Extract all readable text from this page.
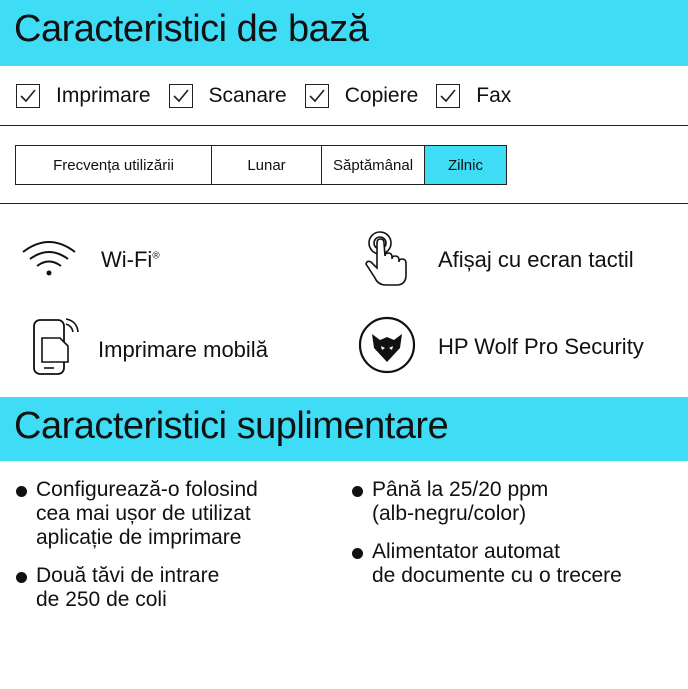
Caracteristici de bază
Imprimare	Scanare	Copiere	Fax
Frecvența utilizării	Lunar	Săptămânal	Zilnic
Wi-Fi®	Afișaj cu ecran tactil
Imprimare mobilă	HP Wolf Pro Security
Caracteristici suplimentare
Configurează-o folosind
cea mai ușor de utilizat
aplicație de imprimare
Două tăvi de intrare
de 250 de coli
Până la 25/20 ppm
(alb-negru/color)
Alimentator automat
de documente cu o trecere
